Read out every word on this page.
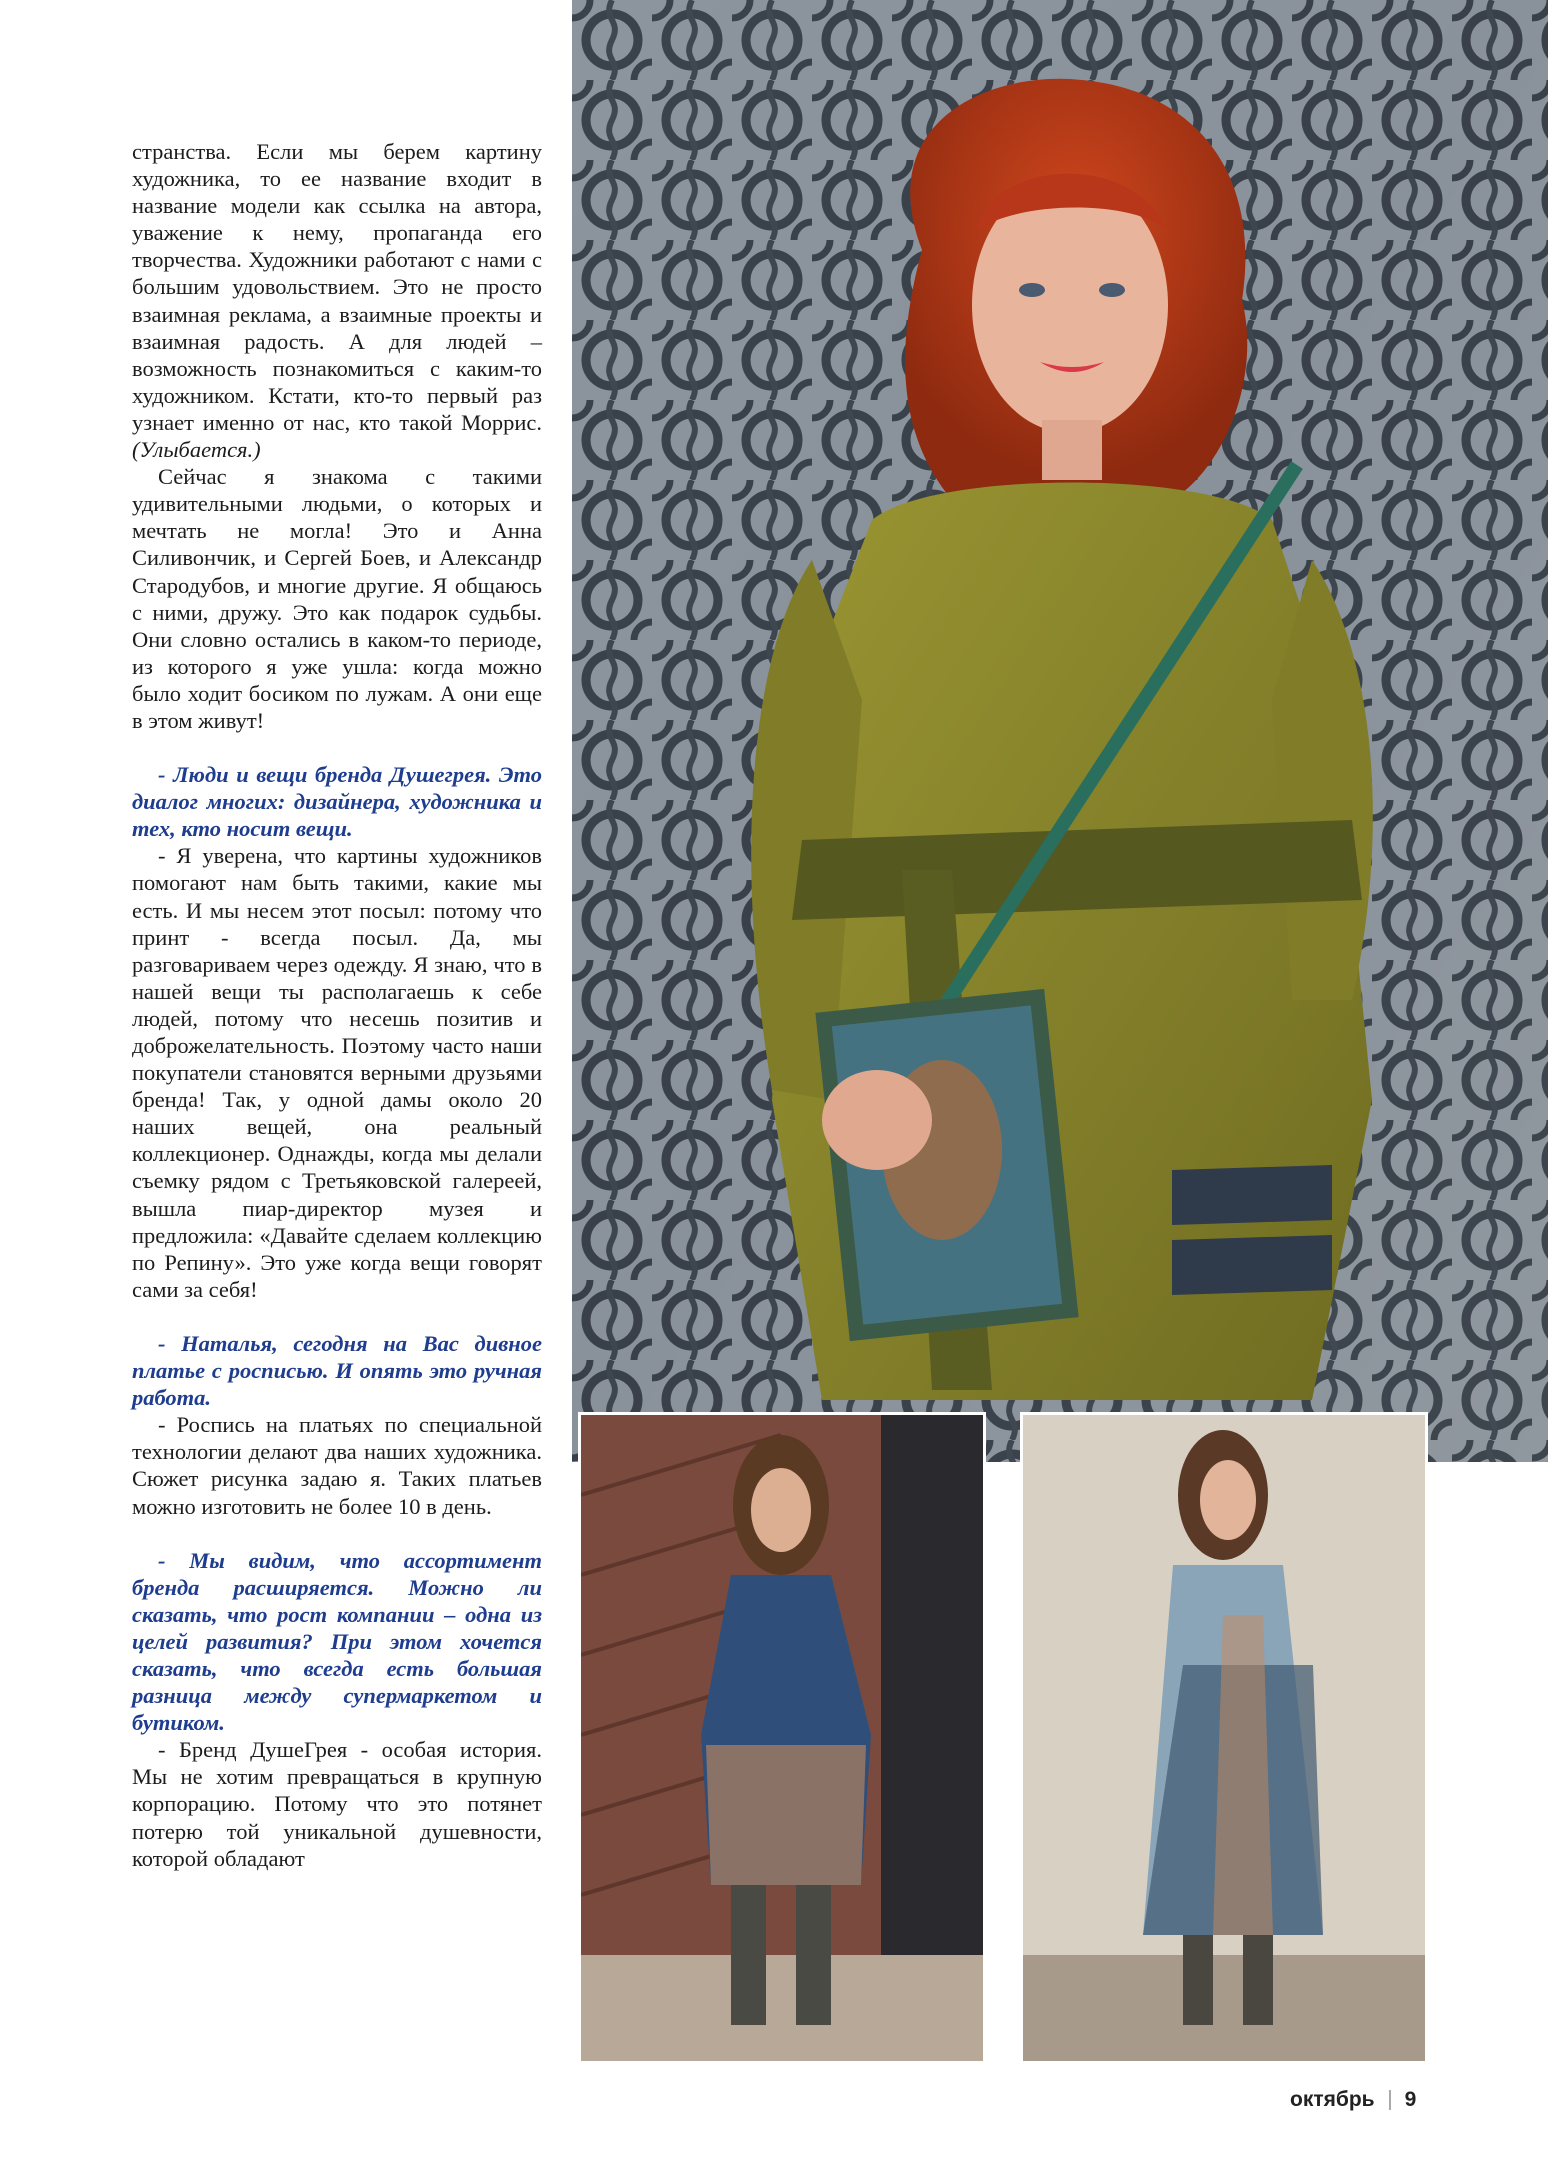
странства. Если мы берем картину художника, то ее название входит в название модели как ссылка на автора, уважение к нему, пропаганда его творчества. Художники работают с нами с большим удовольствием. Это не просто взаимная реклама, а взаимные проекты и взаимная радость. А для людей – возможность познакомиться с каким-то художником. Кстати, кто-то первый раз узнает именно от нас, кто такой Моррис. (Улыбается.)

Сейчас я знакома с такими удивительными людьми, о которых и мечтать не могла! Это и Анна Силивончик, и Сергей Боев, и Александр Стародубов, и многие другие. Я общаюсь с ними, дружу. Это как подарок судьбы. Они словно остались в каком-то периоде, из которого я уже ушла: когда можно было ходит босиком по лужам. А они еще в этом живут!

- Люди и вещи бренда Душегрея. Это диалог многих: дизайнера, художника и тех, кто носит вещи.

- Я уверена, что картины художников помогают нам быть такими, какие мы есть. И мы несем этот посыл: потому что принт - всегда посыл. Да, мы разговариваем через одежду. Я знаю, что в нашей вещи ты располагаешь к себе людей, потому что несешь позитив и доброжелательность. Поэтому часто наши покупатели становятся верными друзьями бренда! Так, у одной дамы около 20 наших вещей, она реальный коллекционер. Однажды, когда мы делали съемку рядом с Третьяковской галереей, вышла пиар-директор музея и предложила: «Давайте сделаем коллекцию по Репину». Это уже когда вещи говорят сами за себя!

- Наталья, сегодня на Вас дивное платье с росписью. И опять это ручная работа.

- Роспись на платьях по специальной технологии делают два наших художника. Сюжет рисунка задаю я. Таких платьев можно изготовить не более 10 в день.

- Мы видим, что ассортимент бренда расширяется. Можно ли сказать, что рост компании – одна из целей развития? При этом хочется сказать, что всегда есть большая разница между супермаркетом и бутиком.

- Бренд ДушеГрея - особая история. Мы не хотим превращаться в крупную корпорацию. Потому что это потянет потерю той уникальной душевности, которой обладают

октябрь 9
